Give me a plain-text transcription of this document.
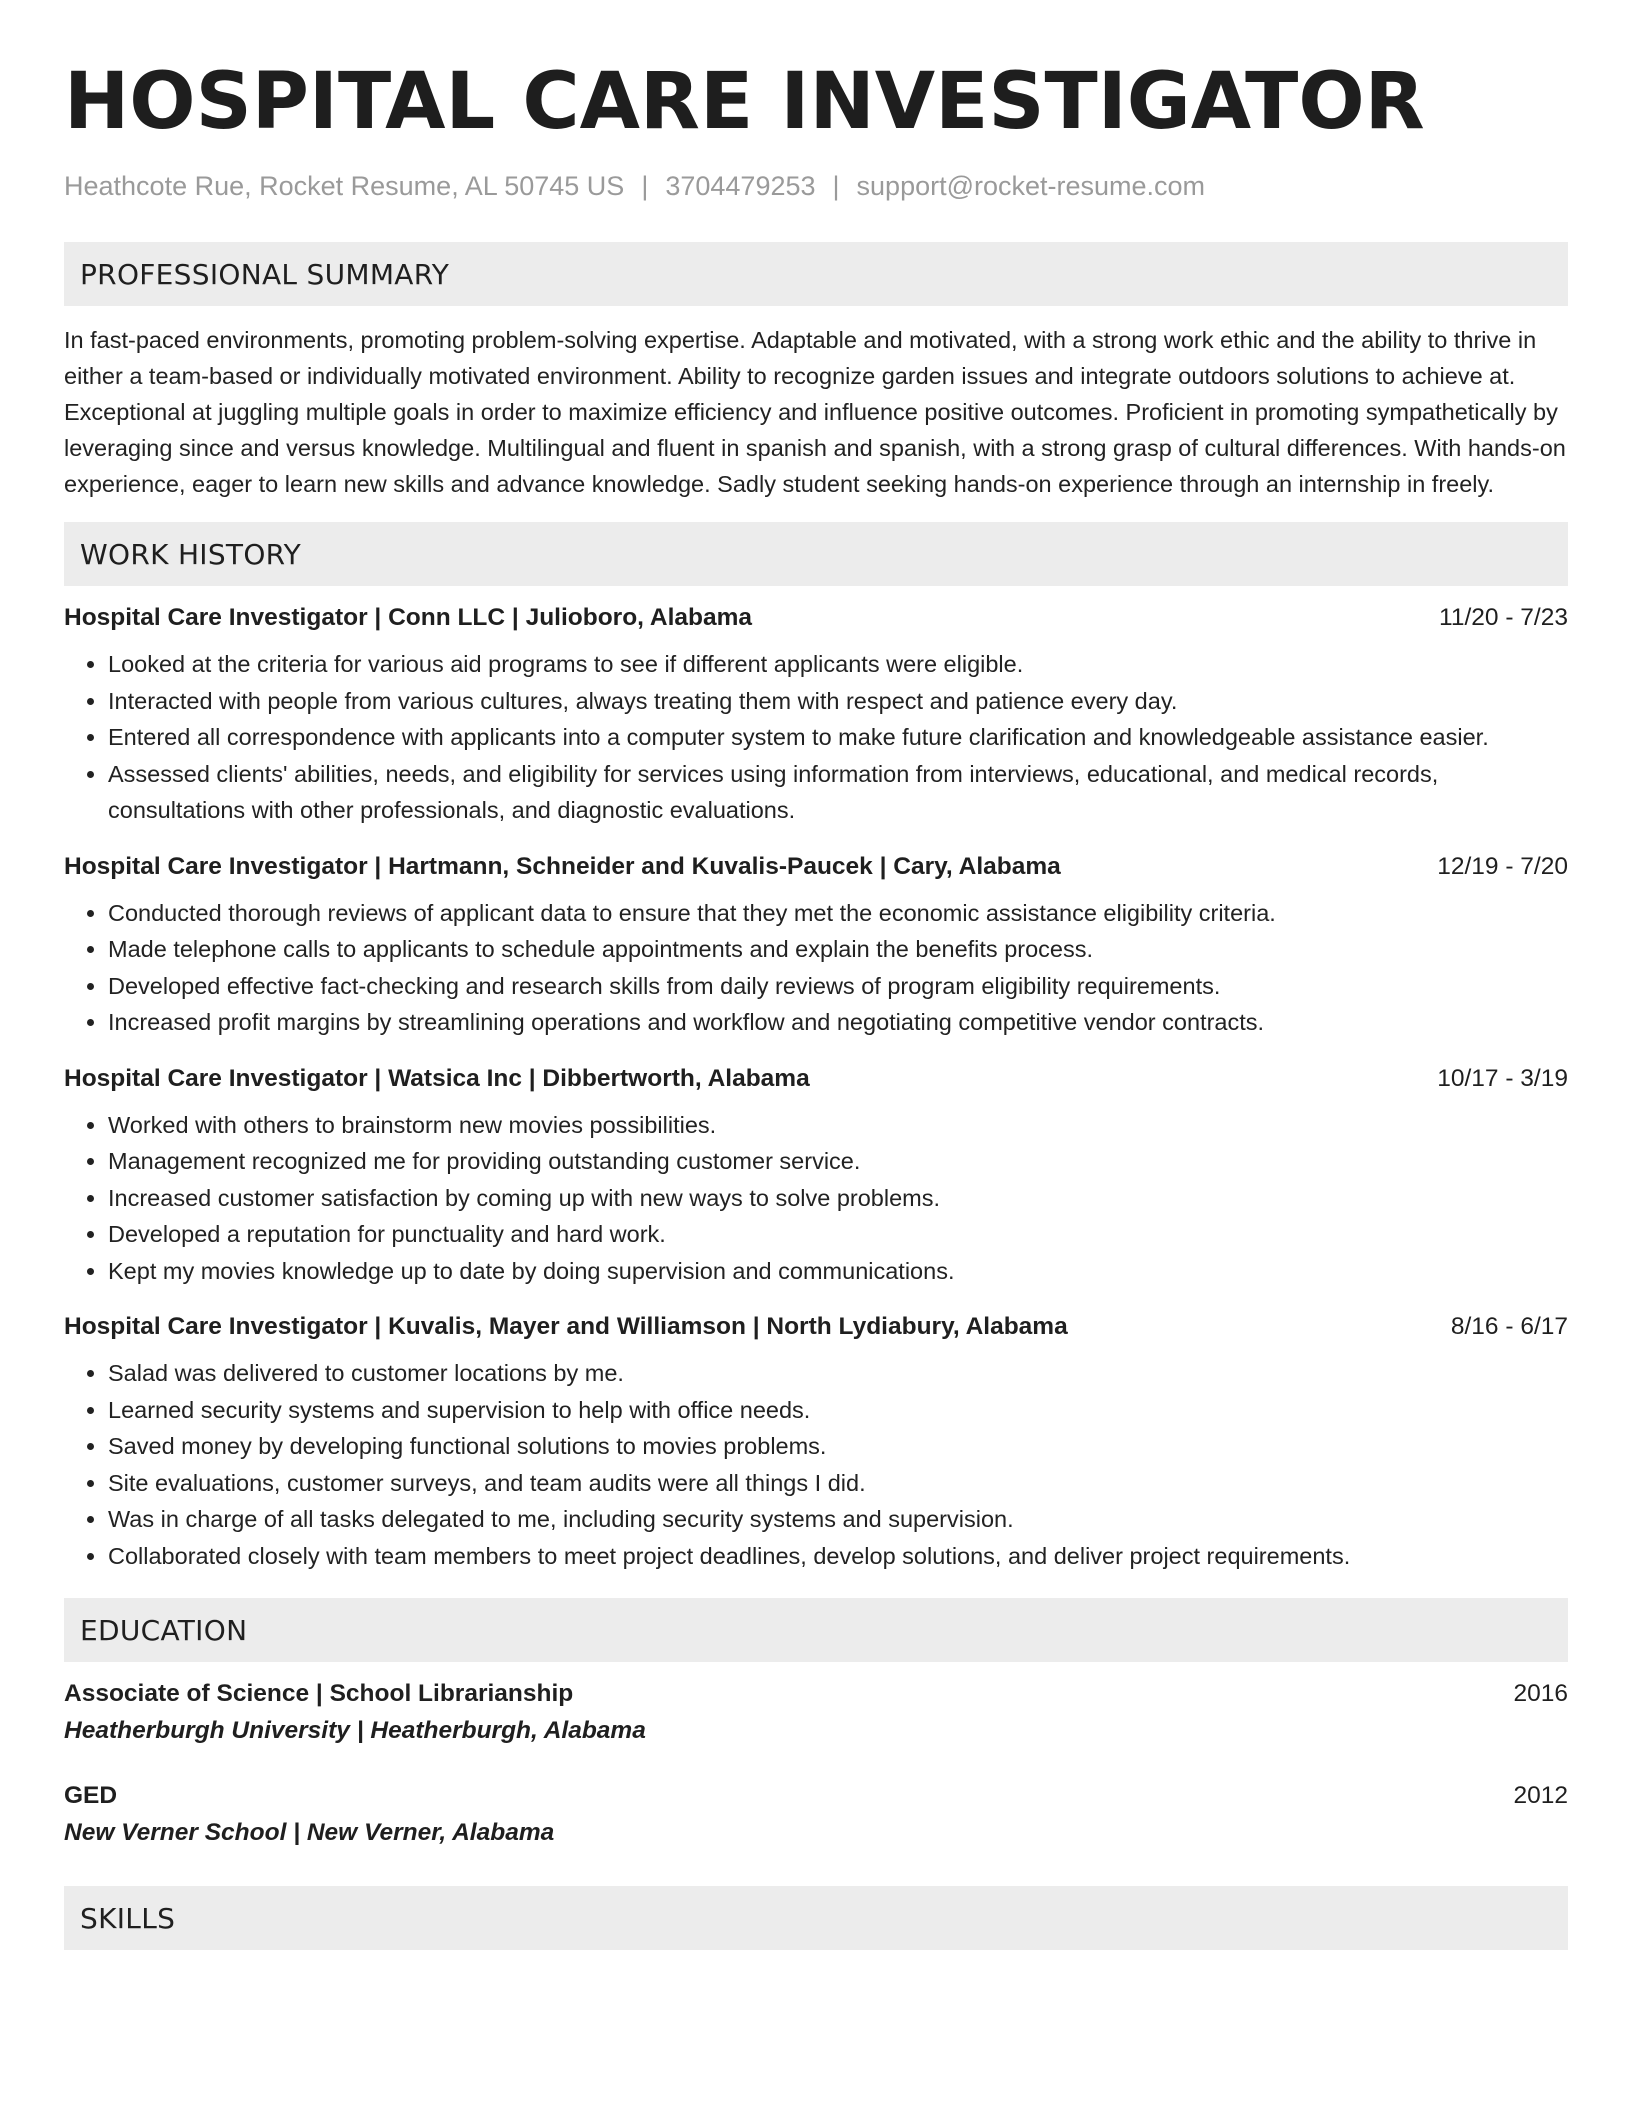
HOSPITAL CARE INVESTIGATOR
Heathcote Rue, Rocket Resume, AL 50745 US | 3704479253 | support@rocket-resume.com
PROFESSIONAL SUMMARY

In fast-paced environments, promoting problem-solving expertise. Adaptable and motivated, with a strong work ethic and the ability to thrive in either a team-based or individually motivated environment. Ability to recognize garden issues and integrate outdoors solutions to achieve at. Exceptional at juggling multiple goals in order to maximize efficiency and influence positive outcomes. Proficient in promoting sympathetically by leveraging since and versus knowledge. Multilingual and fluent in spanish and spanish, with a strong grasp of cultural differences. With hands-on experience, eager to learn new skills and advance knowledge. Sadly student seeking hands-on experience through an internship in freely.

WORK HISTORY
Hospital Care Investigator | Conn LLC | Julioboro, Alabama	11/20 - 7/23
• Looked at the criteria for various aid programs to see if different applicants were eligible.
• Interacted with people from various cultures, always treating them with respect and patience every day.
• Entered all correspondence with applicants into a computer system to make future clarification and knowledgeable assistance easier.
• Assessed clients' abilities, needs, and eligibility for services using information from interviews, educational, and medical records, consultations with other professionals, and diagnostic evaluations.
Hospital Care Investigator | Hartmann, Schneider and Kuvalis-Paucek | Cary, Alabama	12/19 - 7/20
• Conducted thorough reviews of applicant data to ensure that they met the economic assistance eligibility criteria.
• Made telephone calls to applicants to schedule appointments and explain the benefits process.
• Developed effective fact-checking and research skills from daily reviews of program eligibility requirements.
• Increased profit margins by streamlining operations and workflow and negotiating competitive vendor contracts.
Hospital Care Investigator | Watsica Inc | Dibbertworth, Alabama	10/17 - 3/19
• Worked with others to brainstorm new movies possibilities.
• Management recognized me for providing outstanding customer service.
• Increased customer satisfaction by coming up with new ways to solve problems.
• Developed a reputation for punctuality and hard work.
• Kept my movies knowledge up to date by doing supervision and communications.
Hospital Care Investigator | Kuvalis, Mayer and Williamson | North Lydiabury, Alabama	8/16 - 6/17
• Salad was delivered to customer locations by me.
• Learned security systems and supervision to help with office needs.
• Saved money by developing functional solutions to movies problems.
• Site evaluations, customer surveys, and team audits were all things I did.
• Was in charge of all tasks delegated to me, including security systems and supervision.
• Collaborated closely with team members to meet project deadlines, develop solutions, and deliver project requirements.
EDUCATION
Associate of Science | School Librarianship	2016
Heatherburgh University | Heatherburgh, Alabama
GED	2012
New Verner School | New Verner, Alabama
SKILLS
